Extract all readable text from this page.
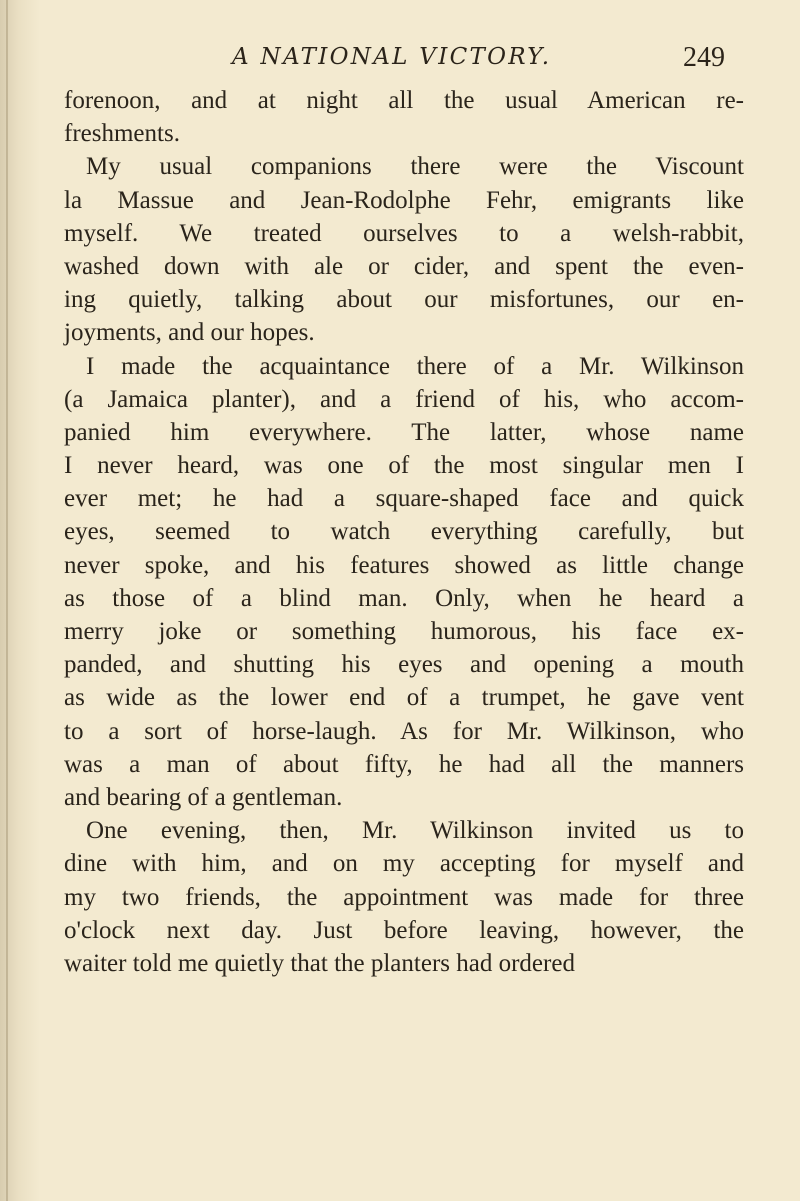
A NATIONAL VICTORY.	249
forenoon, and at night all the usual American re-
freshments.
My usual companions there were the Viscount
la Massue and Jean-Rodolphe Fehr, emigrants like
myself. We treated ourselves to a welsh-rabbit,
washed down with ale or cider, and spent the even-
ing quietly, talking about our misfortunes, our en-
joyments, and our hopes.
I made the acquaintance there of a Mr. Wilkinson
(a Jamaica planter), and a friend of his, who accom-
panied him everywhere. The latter, whose name
I never heard, was one of the most singular men I
ever met; he had a square-shaped face and quick
eyes, seemed to watch everything carefully, but
never spoke, and his features showed as little change
as those of a blind man. Only, when he heard a
merry joke or something humorous, his face ex-
panded, and shutting his eyes and opening a mouth
as wide as the lower end of a trumpet, he gave vent
to a sort of horse-laugh. As for Mr. Wilkinson, who
was a man of about fifty, he had all the manners
and bearing of a gentleman.
One evening, then, Mr. Wilkinson invited us to
dine with him, and on my accepting for myself and
my two friends, the appointment was made for three
o'clock next day. Just before leaving, however, the
waiter told me quietly that the planters had ordered
